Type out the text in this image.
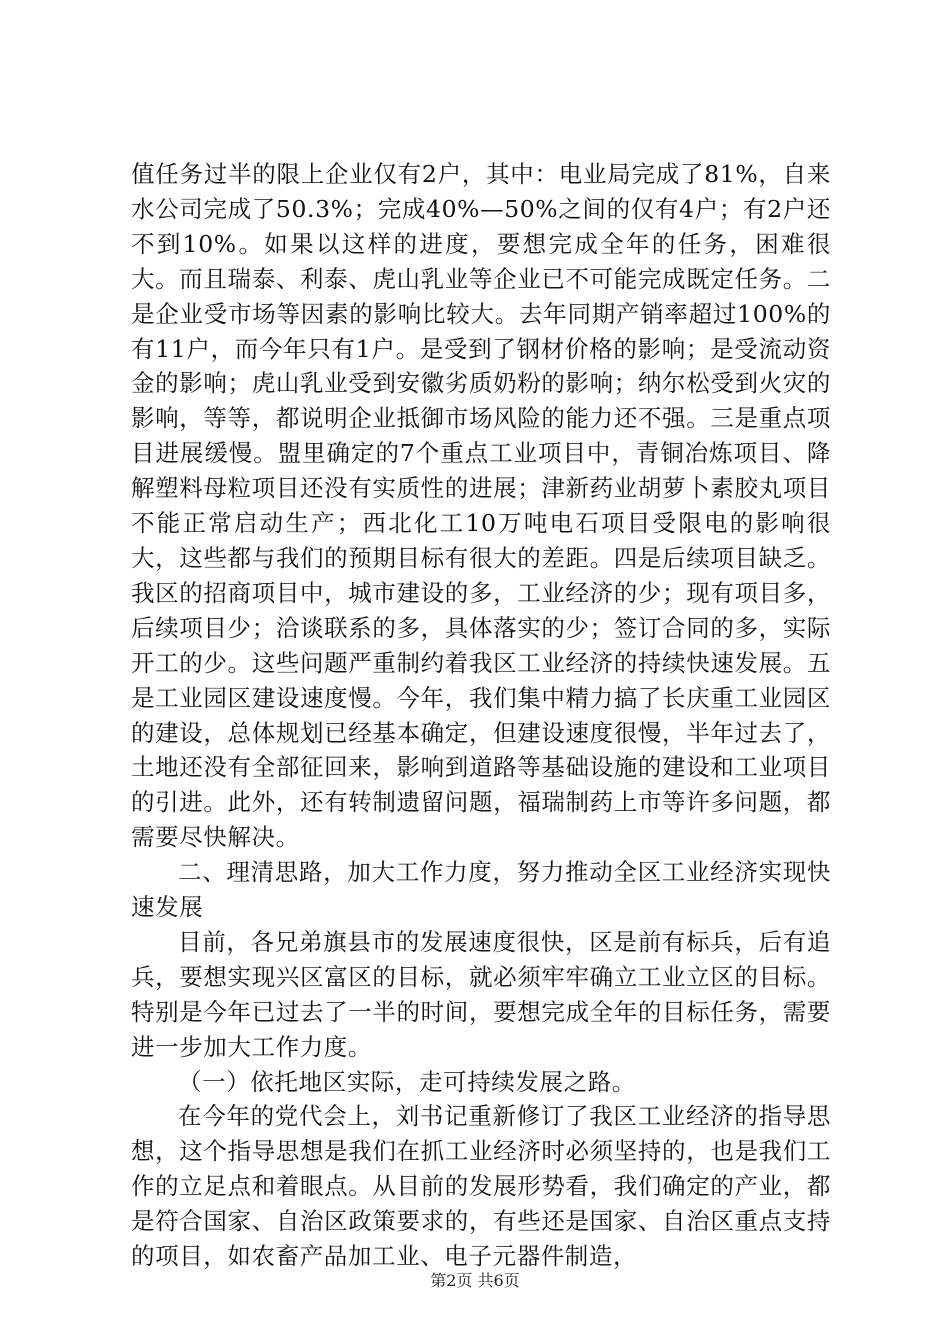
值任务过半的限上企业仅有2户，其中：电业局完成了81%，自来水公司完成了50.3%；完成40%—50%之间的仅有4户；有2户还不到10%。如果以这样的进度，要想完成全年的任务，困难很大。而且瑞泰、利泰、虎山乳业等企业已不可能完成既定任务。二是企业受市场等因素的影响比较大。去年同期产销率超过100%的有11户，而今年只有1户。是受到了钢材价格的影响；是受流动资金的影响；虎山乳业受到安徽劣质奶粉的影响；纳尔松受到火灾的影响，等等，都说明企业抵御市场风险的能力还不强。三是重点项目进展缓慢。盟里确定的7个重点工业项目中，青铜冶炼项目、降解塑料母粒项目还没有实质性的进展；津新药业胡萝卜素胶丸项目不能正常启动生产；西北化工10万吨电石项目受限电的影响很大，这些都与我们的预期目标有很大的差距。四是后续项目缺乏。我区的招商项目中，城市建设的多，工业经济的少；现有项目多，后续项目少；洽谈联系的多，具体落实的少；签订合同的多，实际开工的少。这些问题严重制约着我区工业经济的持续快速发展。五是工业园区建设速度慢。今年，我们集中精力搞了长庆重工业园区的建设，总体规划已经基本确定，但建设速度很慢，半年过去了，土地还没有全部征回来，影响到道路等基础设施的建设和工业项目的引进。此外，还有转制遗留问题，福瑞制药上市等许多问题，都需要尽快解决。

二、理清思路，加大工作力度，努力推动全区工业经济实现快速发展

目前，各兄弟旗县市的发展速度很快，区是前有标兵，后有追兵，要想实现兴区富区的目标，就必须牢牢确立工业立区的目标。特别是今年已过去了一半的时间，要想完成全年的目标任务，需要进一步加大工作力度。

（一）依托地区实际，走可持续发展之路。

在今年的党代会上，刘书记重新修订了我区工业经济的指导思想，这个指导思想是我们在抓工业经济时必须坚持的，也是我们工作的立足点和着眼点。从目前的发展形势看，我们确定的产业，都是符合国家、自治区政策要求的，有些还是国家、自治区重点支持的项目，如农畜产品加工业、电子元器件制造，

第2页 共6页
